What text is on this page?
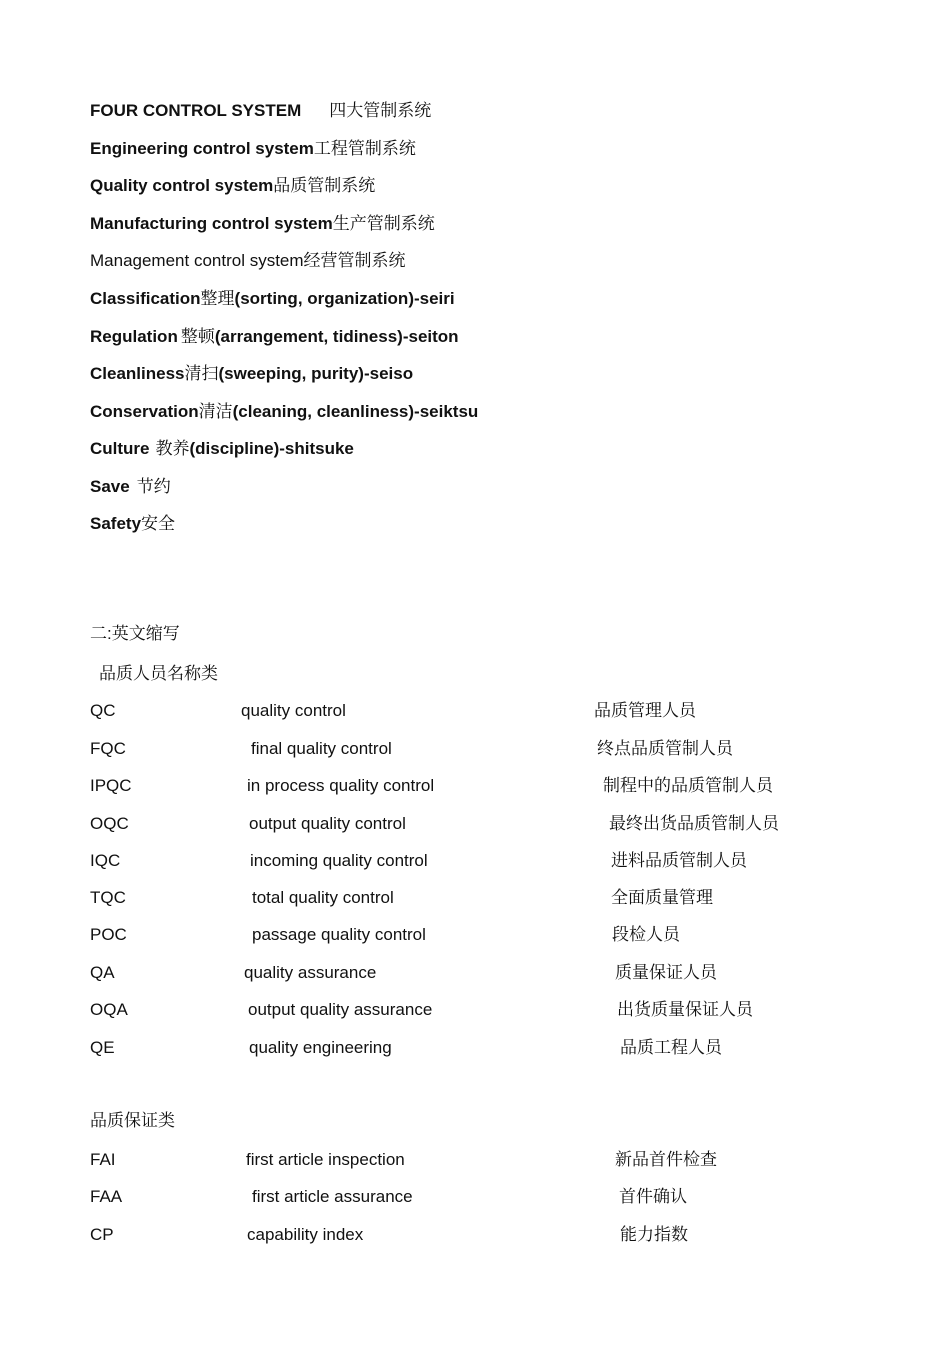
FOUR CONTROL SYSTEM 四大管制系统
Engineering control system工程管制系统
Quality control system品质管制系统
Manufacturing control system生产管制系统
Management control system经营管制系统
Classification整理(sorting, organization)-seiri
Regulation 整顿(arrangement, tidiness)-seiton
Cleanliness清扫(sweeping, purity)-seiso
Conservation清洁(cleaning, cleanliness)-seiktsu
Culture 教养(discipline)-shitsuke
Save 节约
Safety安全
二:英文缩写
品质人员名称类
QC	quality control	品质管理人员
FQC	final quality control	终点品质管制人员
IPQC	in process quality control	制程中的品质管制人员
OQC	output quality control	最终出货品质管制人员
IQC	incoming quality control	进料品质管制人员
TQC	total quality control	全面质量管理
POC	passage quality control	段检人员
QA	quality assurance	质量保证人员
OQA	output quality assurance	出货质量保证人员
QE	quality engineering	品质工程人员
品质保证类
FAI	first article inspection	新品首件检查
FAA	first article assurance	首件确认
CP	capability index	能力指数
